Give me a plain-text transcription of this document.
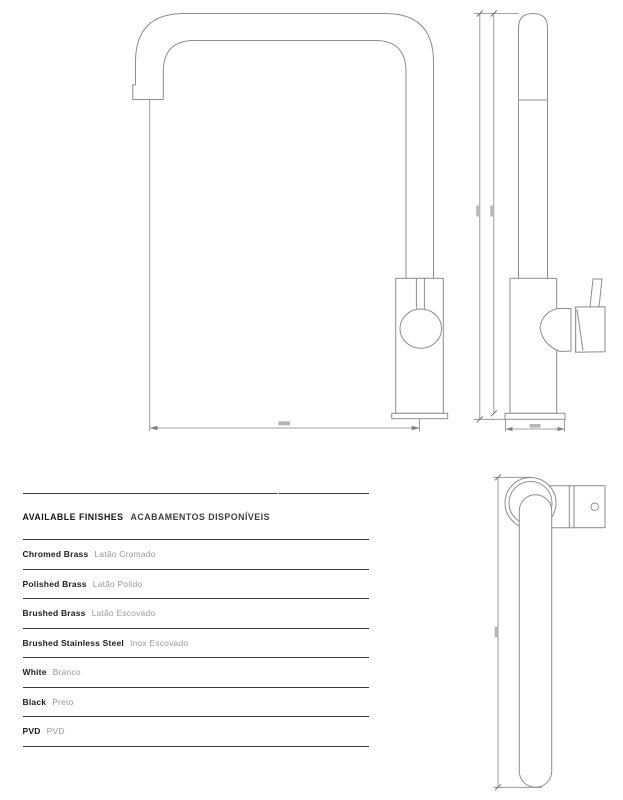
AVAILABLE FINISHES ACABAMENTOS DISPONÍVEIS
Chromed Brass Latão Cromado
Polished Brass Latão Polido
Brushed Brass Latão Escovado
Brushed Stainless Steel Inox Escovado
White Branco
Black Preto
PVD PVD
